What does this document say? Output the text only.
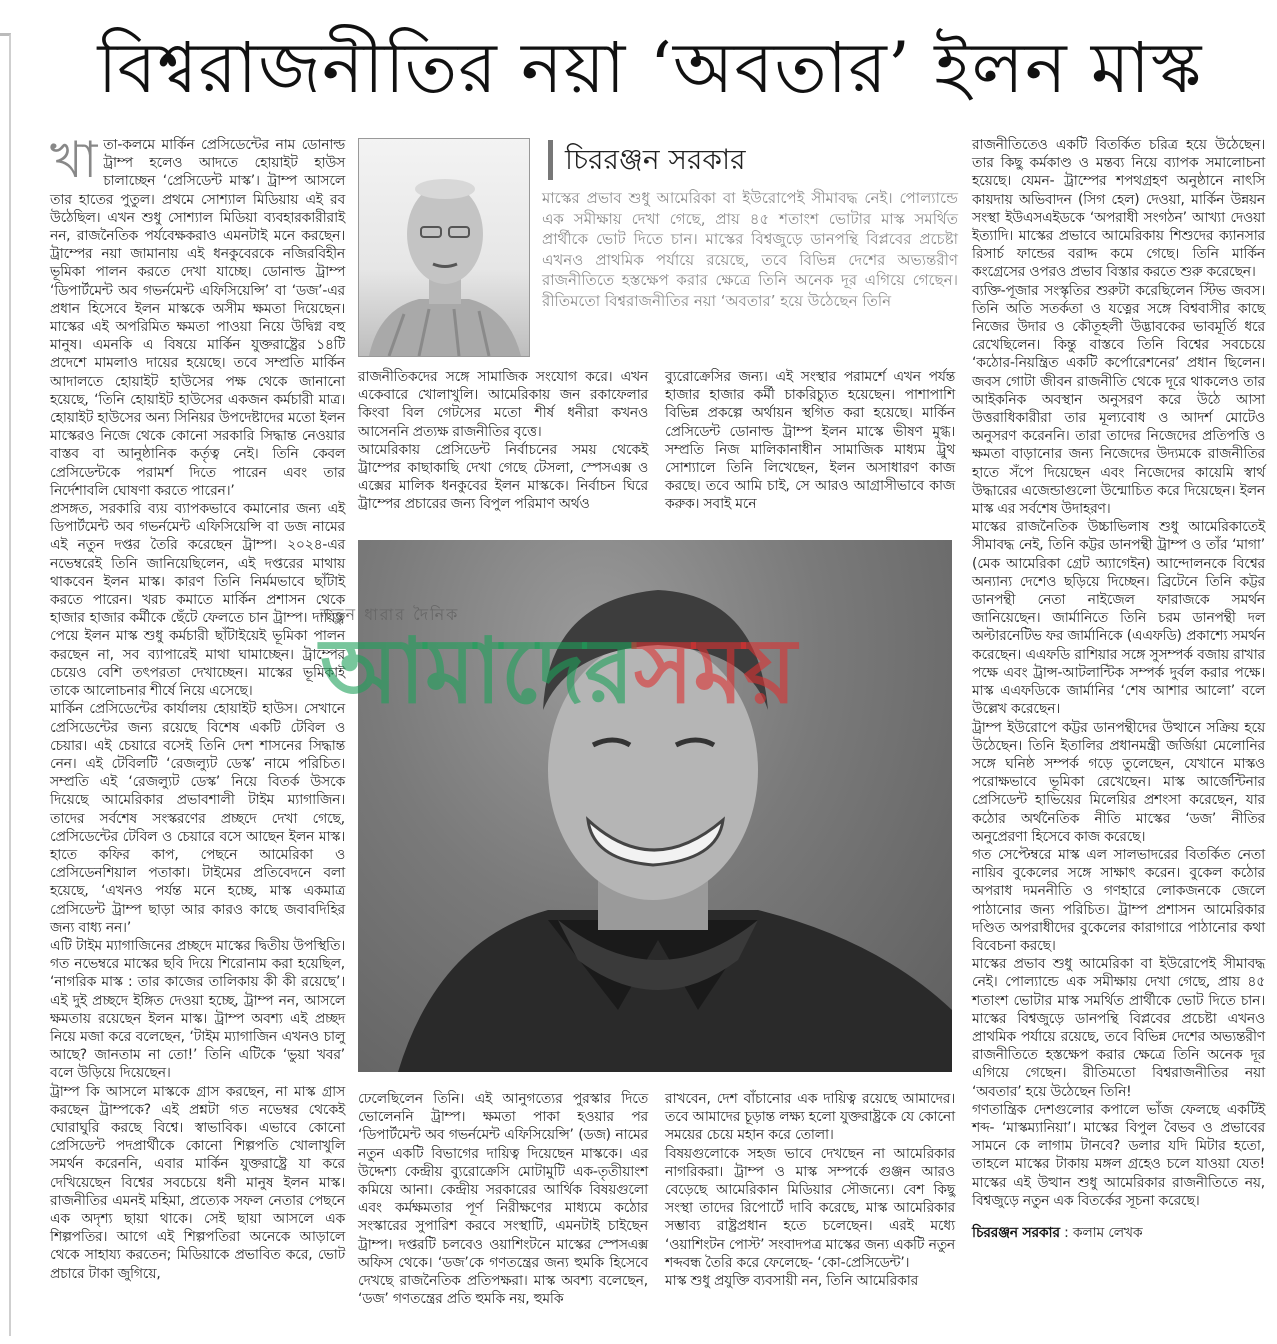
বিশ্বরাজনীতির নয়া ‘অবতার’ ইলন মাস্ক
খা তা-কলমে মার্কিন প্রেসিডেন্টের নাম ডোনাল্ড ট্রাম্প হলেও আদতে হোয়াইট হাউস চালাচ্ছেন ‘প্রেসিডেন্ট মাস্ক’। ট্রাম্প আসলে তার হাতের পুতুল। প্রথমে সোশ্যাল মিডিয়ায় এই রব উঠেছিল। এখন শুধু সোশ্যাল মিডিয়া ব্যবহারকারীরাই নন, রাজনৈতিক পর্যবেক্ষকরাও এমনটাই মনে করছেন। ট্রাম্পের নয়া জামানায় এই ধনকুবেরকে নজিরবিহীন ভূমিকা পালন করতে দেখা যাচ্ছে। ডোনাল্ড ট্রাম্প ‘ডিপার্টমেন্ট অব গভর্নমেন্ট এফিসিয়েন্সি’ বা ‘ডজ’-এর প্রধান হিসেবে ইলন মাস্ককে অসীম ক্ষমতা দিয়েছেন। মাস্কের এই অপরিমিত ক্ষমতা পাওয়া নিয়ে উদ্বিগ্ন বহু মানুষ। এমনকি এ বিষয়ে মার্কিন যুক্তরাষ্ট্রের ১৪টি প্রদেশে মামলাও দায়ের হয়েছে। তবে সম্প্রতি মার্কিন আদালতে হোয়াইট হাউসের পক্ষ থেকে জানানো হয়েছে, ‘তিনি হোয়াইট হাউসের একজন কর্মচারী মাত্র। হোয়াইট হাউসের অন্য সিনিয়র উপদেষ্টাদের মতো ইলন মাস্কেরও নিজে থেকে কোনো সরকারি সিদ্ধান্ত নেওয়ার বাস্তব বা আনুষ্ঠানিক কর্তৃত্ব নেই। তিনি কেবল প্রেসিডেন্টকে পরামর্শ দিতে পারেন এবং তার নির্দেশাবলি ঘোষণা করতে পারেন।’

প্রসঙ্গত, সরকারি ব্যয় ব্যাপকভাবে কমানোর জন্য এই ডিপার্টমেন্ট অব গভর্নমেন্ট এফিসিয়েন্সি বা ডজ নামের এই নতুন দপ্তর তৈরি করেছেন ট্রাম্প। ২০২৪-এর নভেম্বরেই তিনি জানিয়েছিলেন, এই দপ্তরের মাথায় থাকবেন ইলন মাস্ক। কারণ তিনি নির্মমভাবে ছাঁটাই করতে পারেন। খরচ কমাতে মার্কিন প্রশাসন থেকে হাজার হাজার কর্মীকে ছেঁটে ফেলতে চান ট্রাম্প। দায়িত্ব পেয়ে ইলন মাস্ক শুধু কর্মচারী ছাঁটাইয়েই ভূমিকা পালন করছেন না, সব ব্যাপারেই মাথা ঘামাচ্ছেন। ট্রাম্পের চেয়েও বেশি তৎপরতা দেখাচ্ছেন। মাস্কের ভূমিকাই তাকে আলোচনার শীর্ষে নিয়ে এসেছে।

মার্কিন প্রেসিডেন্টের কার্যালয় হোয়াইট হাউস। সেখানে প্রেসিডেন্টের জন্য রয়েছে বিশেষ একটি টেবিল ও চেয়ার। এই চেয়ারে বসেই তিনি দেশ শাসনের সিদ্ধান্ত নেন। এই টেবিলটি ‘রেজল্যুট ডেস্ক’ নামে পরিচিত। সম্প্রতি এই ‘রেজল্যুট ডেস্ক’ নিয়ে বিতর্ক উসকে দিয়েছে আমেরিকার প্রভাবশালী টাইম ম্যাগাজিন। তাদের সর্বশেষ সংস্করণের প্রচ্ছদে দেখা গেছে, প্রেসিডেন্টের টেবিল ও চেয়ারে বসে আছেন ইলন মাস্ক। হাতে কফির কাপ, পেছনে আমেরিকা ও প্রেসিডেনশিয়াল পতাকা। টাইমের প্রতিবেদনে বলা হয়েছে, ‘এখনও পর্যন্ত মনে হচ্ছে, মাস্ক একমাত্র প্রেসিডেন্ট ট্রাম্প ছাড়া আর কারও কাছে জবাবদিহির জন্য বাধ্য নন।’

এটি টাইম ম্যাগাজিনের প্রচ্ছদে মাস্কের দ্বিতীয় উপস্থিতি। গত নভেম্বরে মাস্কের ছবি দিয়ে শিরোনাম করা হয়েছিল, ‘নাগরিক মাস্ক : তার কাজের তালিকায় কী কী রয়েছে’। এই দুই প্রচ্ছদে ইঙ্গিত দেওয়া হচ্ছে, ট্রাম্প নন, আসলে ক্ষমতায় রয়েছেন ইলন মাস্ক। ট্রাম্প অবশ্য এই প্রচ্ছদ নিয়ে মজা করে বলেছেন, ‘টাইম ম্যাগাজিন এখনও চালু আছে? জানতাম না তো!’ তিনি এটিকে ‘ভুয়া খবর’ বলে উড়িয়ে দিয়েছেন।

ট্রাম্প কি আসলে মাস্ককে গ্রাস করছেন, না মাস্ক গ্রাস করছেন ট্রাম্পকে? এই প্রশ্নটা গত নভেম্বর থেকেই ঘোরাঘুরি করছে বিশ্বে। স্বাভাবিক। এভাবে কোনো প্রেসিডেন্ট পদপ্রার্থীকে কোনো শিল্পপতি খোলাখুলি সমর্থন করেননি, এবার মার্কিন যুক্তরাষ্ট্রে যা করে দেখিয়েছেন বিশ্বের সবচেয়ে ধনী মানুষ ইলন মাস্ক। রাজনীতির এমনই মহিমা, প্রত্যেক সফল নেতার পেছনে এক অদৃশ্য ছায়া থাকে। সেই ছায়া আসলে এক শিল্পপতির। আগে এই শিল্পপতিরা অনেকে আড়ালে থেকে সাহায্য করতেন; মিডিয়াকে প্রভাবিত করে, ভোট প্রচারে টাকা জুগিয়ে,

চিররঞ্জন সরকার

মাস্কের প্রভাব শুধু আমেরিকা বা ইউরোপেই সীমাবদ্ধ নেই। পোল্যান্ডে এক সমীক্ষায় দেখা গেছে, প্রায় ৪৫ শতাংশ ভোটার মাস্ক সমর্থিত প্রার্থীকে ভোট দিতে চান। মাস্কের বিশ্বজুড়ে ডানপন্থি বিপ্লবের প্রচেষ্টা এখনও প্রাথমিক পর্যায়ে রয়েছে, তবে বিভিন্ন দেশের অভ্যন্তরীণ রাজনীতিতে হস্তক্ষেপ করার ক্ষেত্রে তিনি অনেক দূর এগিয়ে গেছেন। রীতিমতো বিশ্বরাজনীতির নয়া ‘অবতার’ হয়ে উঠেছেন তিনি

রাজনীতিকদের সঙ্গে সামাজিক সংযোগ করে। এখন একেবারে খোলাখুলি। আমেরিকায় জন রকাফেলার কিংবা বিল গেটসের মতো শীর্ষ ধনীরা কখনও আসেননি প্রত্যক্ষ রাজনীতির বৃত্তে।

আমেরিকায় প্রেসিডেন্ট নির্বাচনের সময় থেকেই ট্রাম্পের কাছাকাছি দেখা গেছে টেসলা, স্পেসএক্স ও এক্সের মালিক ধনকুবের ইলন মাস্ককে। নির্বাচন ঘিরে ট্রাম্পের প্রচারের জন্য বিপুল পরিমাণ অর্থও

ব্যুরোক্রেসির জন্য। এই সংস্থার পরামর্শে এখন পর্যন্ত হাজার হাজার কর্মী চাকরিচ্যুত হয়েছেন। পাশাপাশি বিভিন্ন প্রকল্পে অর্থায়ন স্থগিত করা হয়েছে। মার্কিন প্রেসিডেন্ট ডোনাল্ড ট্রাম্প ইলন মাস্কে ভীষণ মুগ্ধ। সম্প্রতি নিজ মালিকানাধীন সামাজিক মাধ্যম ট্রুথ সোশ্যালে তিনি লিখেছেন, ইলন অসাধারণ কাজ করছে। তবে আমি চাই, সে আরও আগ্রাসীভাবে কাজ করুক। সবাই মনে

নতুন ধারার দৈনিক
আমাদেরসময়

ঢেলেছিলেন তিনি। এই আনুগত্যের পুরস্কার দিতে ভোলেননি ট্রাম্প। ক্ষমতা পাকা হওয়ার পর ‘ডিপার্টমেন্ট অব গভর্নমেন্ট এফিসিয়েন্সি’ (ডজ) নামের নতুন একটি বিভাগের দায়িত্ব দিয়েছেন মাস্ককে। এর উদ্দেশ্য কেন্দ্রীয় ব্যুরোক্রেসি মোটামুটি এক-তৃতীয়াংশ কমিয়ে আনা। কেন্দ্রীয় সরকারের আর্থিক বিষয়গুলো এবং কর্মক্ষমতার পূর্ণ নিরীক্ষণের মাধ্যমে কঠোর সংস্কারের সুপারিশ করবে সংস্থাটি, এমনটাই চাইছেন ট্রাম্প। দপ্তরটি চলবেও ওয়াশিংটনে মাস্কের স্পেসএক্স অফিস থেকে। ‘ডজ’কে গণতন্ত্রের জন্য হুমকি হিসেবে দেখছে রাজনৈতিক প্রতিপক্ষরা। মাস্ক অবশ্য বলেছেন, ‘ডজ’ গণতন্ত্রের প্রতি হুমকি নয়, হুমকি

রাখবেন, দেশ বাঁচানোর এক দায়িত্ব রয়েছে আমাদের। তবে আমাদের চূড়ান্ত লক্ষ্য হলো যুক্তরাষ্ট্রকে যে কোনো সময়ের চেয়ে মহান করে তোলা।

বিষয়গুলোকে সহজ ভাবে দেখছেন না আমেরিকার নাগরিকরা। ট্রাম্প ও মাস্ক সম্পর্কে গুঞ্জন আরও বেড়েছে আমেরিকান মিডিয়ার সৌজন্যে। বেশ কিছু সংস্থা তাদের রিপোর্টে দাবি করেছে, মাস্ক আমেরিকার সম্ভাব্য রাষ্ট্রপ্রধান হতে চলেছেন। এরই মধ্যে ‘ওয়াশিংটন পোস্ট’ সংবাদপত্র মাস্কের জন্য একটি নতুন শব্দবন্ধ তৈরি করে ফেলেছে- ‘কো-প্রেসিডেন্ট’।

মাস্ক শুধু প্রযুক্তি ব্যবসায়ী নন, তিনি আমেরিকার

রাজনীতিতেও একটি বিতর্কিত চরিত্র হয়ে উঠেছেন। তার কিছু কর্মকাণ্ড ও মন্তব্য নিয়ে ব্যাপক সমালোচনা হয়েছে। যেমন- ট্রাম্পের শপথগ্রহণ অনুষ্ঠানে নাৎসি কায়দায় অভিবাদন (সিগ হেল) দেওয়া, মার্কিন উন্নয়ন সংস্থা ইউএসএইডকে ‘অপরাধী সংগঠন’ আখ্যা দেওয়া ইত্যাদি। মাস্কের প্রভাবে আমেরিকায় শিশুদের ক্যানসার রিসার্চ ফান্ডের বরাদ্দ কমে গেছে। তিনি মার্কিন কংগ্রেসের ওপরও প্রভাব বিস্তার করতে শুরু করেছেন।

ব্যক্তি-পূজার সংস্কৃতির শুরুটা করেছিলেন স্টিভ জবস। তিনি অতি সতর্কতা ও যত্নের সঙ্গে বিশ্ববাসীর কাছে নিজের উদার ও কৌতূহলী উদ্ভাবকের ভাবমূর্তি ধরে রেখেছিলেন। কিন্তু বাস্তবে তিনি বিশ্বের সবচেয়ে ‘কঠোর-নিয়ন্ত্রিত একটি কর্পোরেশনের’ প্রধান ছিলেন। জবস গোটা জীবন রাজনীতি থেকে দূরে থাকলেও তার আইকনিক অবস্থান অনুসরণ করে উঠে আসা উত্তরাধিকারীরা তার মূল্যবোধ ও আদর্শ মোটেও অনুসরণ করেননি। তারা তাদের নিজেদের প্রতিপত্তি ও ক্ষমতা বাড়ানোর জন্য নিজেদের উদ্যমকে রাজনীতির হাতে সঁপে দিয়েছেন এবং নিজেদের কায়েমি স্বার্থ উদ্ধারের এজেন্ডাগুলো উন্মোচিত করে দিয়েছেন। ইলন মাস্ক এর সর্বশেষ উদাহরণ।

মাস্কের রাজনৈতিক উচ্চাভিলাষ শুধু আমেরিকাতেই সীমাবদ্ধ নেই, তিনি কট্টর ডানপন্থী ট্রাম্প ও তাঁর ‘মাগা’ (মেক আমেরিকা গ্রেট অ্যাগেইন) আন্দোলনকে বিশ্বের অন্যান্য দেশেও ছড়িয়ে দিচ্ছেন। ব্রিটেনে তিনি কট্টর ডানপন্থী নেতা নাইজেল ফারাজকে সমর্থন জানিয়েছেন। জার্মানিতে তিনি চরম ডানপন্থী দল অল্টারনেটিভ ফর জার্মানিকে (এএফডি) প্রকাশ্যে সমর্থন করেছেন। এএফডি রাশিয়ার সঙ্গে সুসম্পর্ক বজায় রাখার পক্ষে এবং ট্রান্স-আটলান্টিক সম্পর্ক দুর্বল করার পক্ষে। মাস্ক এএফডিকে জার্মানির ‘শেষ আশার আলো’ বলে উল্লেখ করেছেন।

ট্রাম্প ইউরোপে কট্টর ডানপন্থীদের উত্থানে সক্রিয় হয়ে উঠেছেন। তিনি ইতালির প্রধানমন্ত্রী জর্জিয়া মেলোনির সঙ্গে ঘনিষ্ঠ সম্পর্ক গড়ে তুলেছেন, যেখানে মাস্কও পরোক্ষভাবে ভূমিকা রেখেছেন। মাস্ক আর্জেন্টিনার প্রেসিডেন্ট হাভিয়ের মিলেয়ির প্রশংসা করেছেন, যার কঠোর অর্থনৈতিক নীতি মাস্কের ‘ডজ’ নীতির অনুপ্রেরণা হিসেবে কাজ করেছে।

গত সেপ্টেম্বরে মাস্ক এল সালভাদরের বিতর্কিত নেতা নায়িব বুকেলের সঙ্গে সাক্ষাৎ করেন। বুকেল কঠোর অপরাধ দমননীতি ও গণহারে লোকজনকে জেলে পাঠানোর জন্য পরিচিত। ট্রাম্প প্রশাসন আমেরিকার দণ্ডিত অপরাধীদের বুকেলের কারাগারে পাঠানোর কথা বিবেচনা করছে।

মাস্কের প্রভাব শুধু আমেরিকা বা ইউরোপেই সীমাবদ্ধ নেই। পোল্যান্ডে এক সমীক্ষায় দেখা গেছে, প্রায় ৪৫ শতাংশ ভোটার মাস্ক সমর্থিত প্রার্থীকে ভোট দিতে চান। মাস্কের বিশ্বজুড়ে ডানপন্থি বিপ্লবের প্রচেষ্টা এখনও প্রাথমিক পর্যায়ে রয়েছে, তবে বিভিন্ন দেশের অভ্যন্তরীণ রাজনীতিতে হস্তক্ষেপ করার ক্ষেত্রে তিনি অনেক দূর এগিয়ে গেছেন। রীতিমতো বিশ্বরাজনীতির নয়া ‘অবতার’ হয়ে উঠেছেন তিনি!

গণতান্ত্রিক দেশগুলোর কপালে ভাঁজ ফেলছে একটিই শব্দ- ‘মাস্কম্যানিয়া’। মাস্কের বিপুল বৈভব ও প্রভাবের সামনে কে লাগাম টানবে? ডলার যদি মিটার হতো, তাহলে মাস্কের টাকায় মঙ্গল গ্রহেও চলে যাওয়া যেত! মাস্কের এই উত্থান শুধু আমেরিকার রাজনীতিতে নয়, বিশ্বজুড়ে নতুন এক বিতর্কের সূচনা করেছে।

চিররঞ্জন সরকার : কলাম লেখক
